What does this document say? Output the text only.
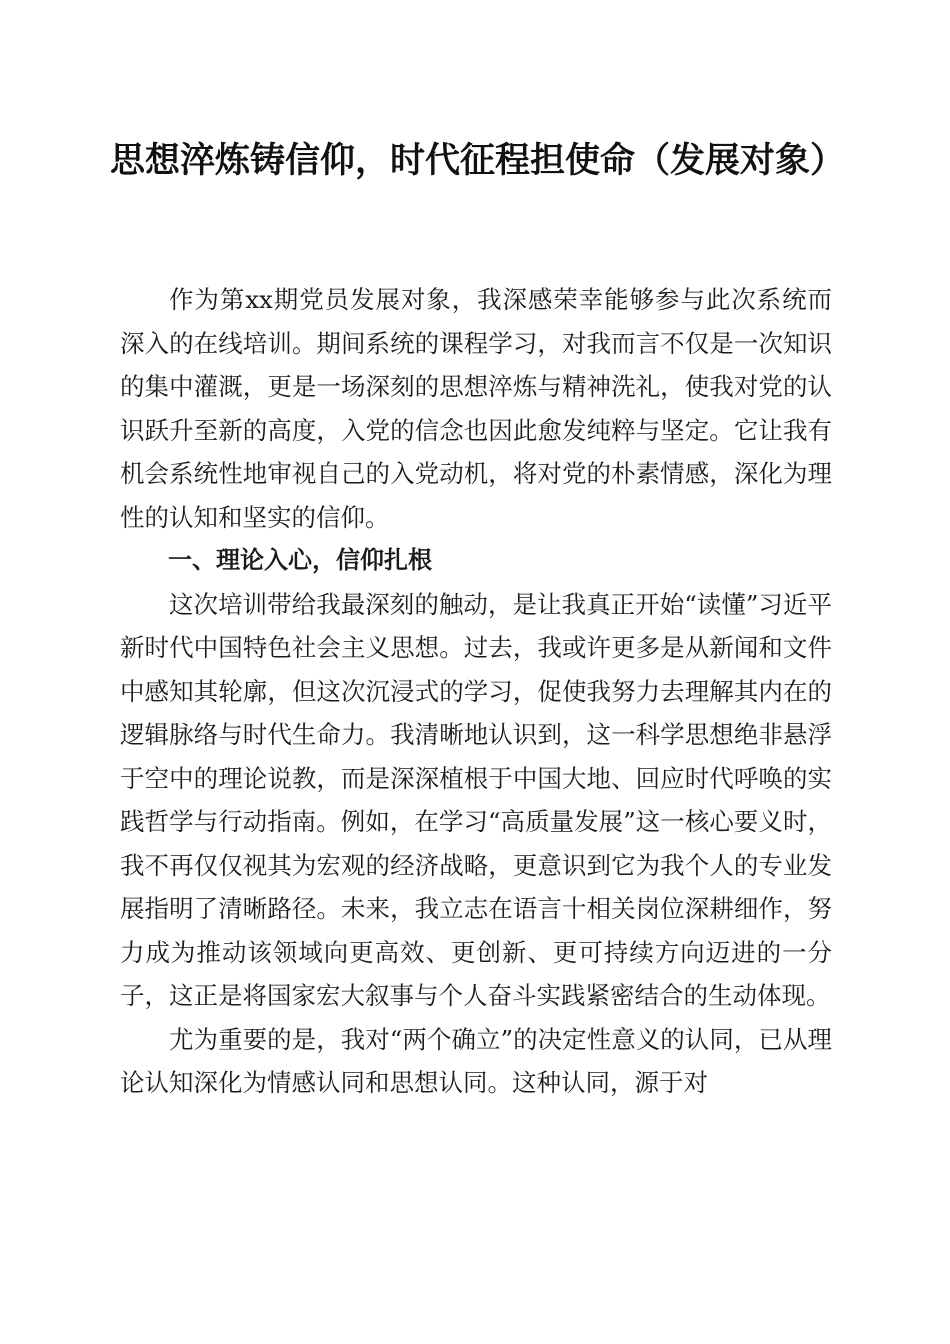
思想淬炼铸信仰，时代征程担使命（发展对象）

作为第xx期党员发展对象，我深感荣幸能够参与此次系统而深入的在线培训。期间系统的课程学习，对我而言不仅是一次知识的集中灌溉，更是一场深刻的思想淬炼与精神洗礼，使我对党的认识跃升至新的高度，入党的信念也因此愈发纯粹与坚定。它让我有机会系统性地审视自己的入党动机，将对党的朴素情感，深化为理性的认知和坚实的信仰。

一、理论入心，信仰扎根

这次培训带给我最深刻的触动，是让我真正开始“读懂”习近平新时代中国特色社会主义思想。过去，我或许更多是从新闻和文件中感知其轮廓，但这次沉浸式的学习，促使我努力去理解其内在的逻辑脉络与时代生命力。我清晰地认识到，这一科学思想绝非悬浮于空中的理论说教，而是深深植根于中国大地、回应时代呼唤的实践哲学与行动指南。例如，在学习“高质量发展”这一核心要义时，我不再仅仅视其为宏观的经济战略，更意识到它为我个人的专业发展指明了清晰路径。未来，我立志在语言十相关岗位深耕细作，努力成为推动该领域向更高效、更创新、更可持续方向迈进的一分子，这正是将国家宏大叙事与个人奋斗实践紧密结合的生动体现。

尤为重要的是，我对“两个确立”的决定性意义的认同，已从理论认知深化为情感认同和思想认同。这种认同，源于对
